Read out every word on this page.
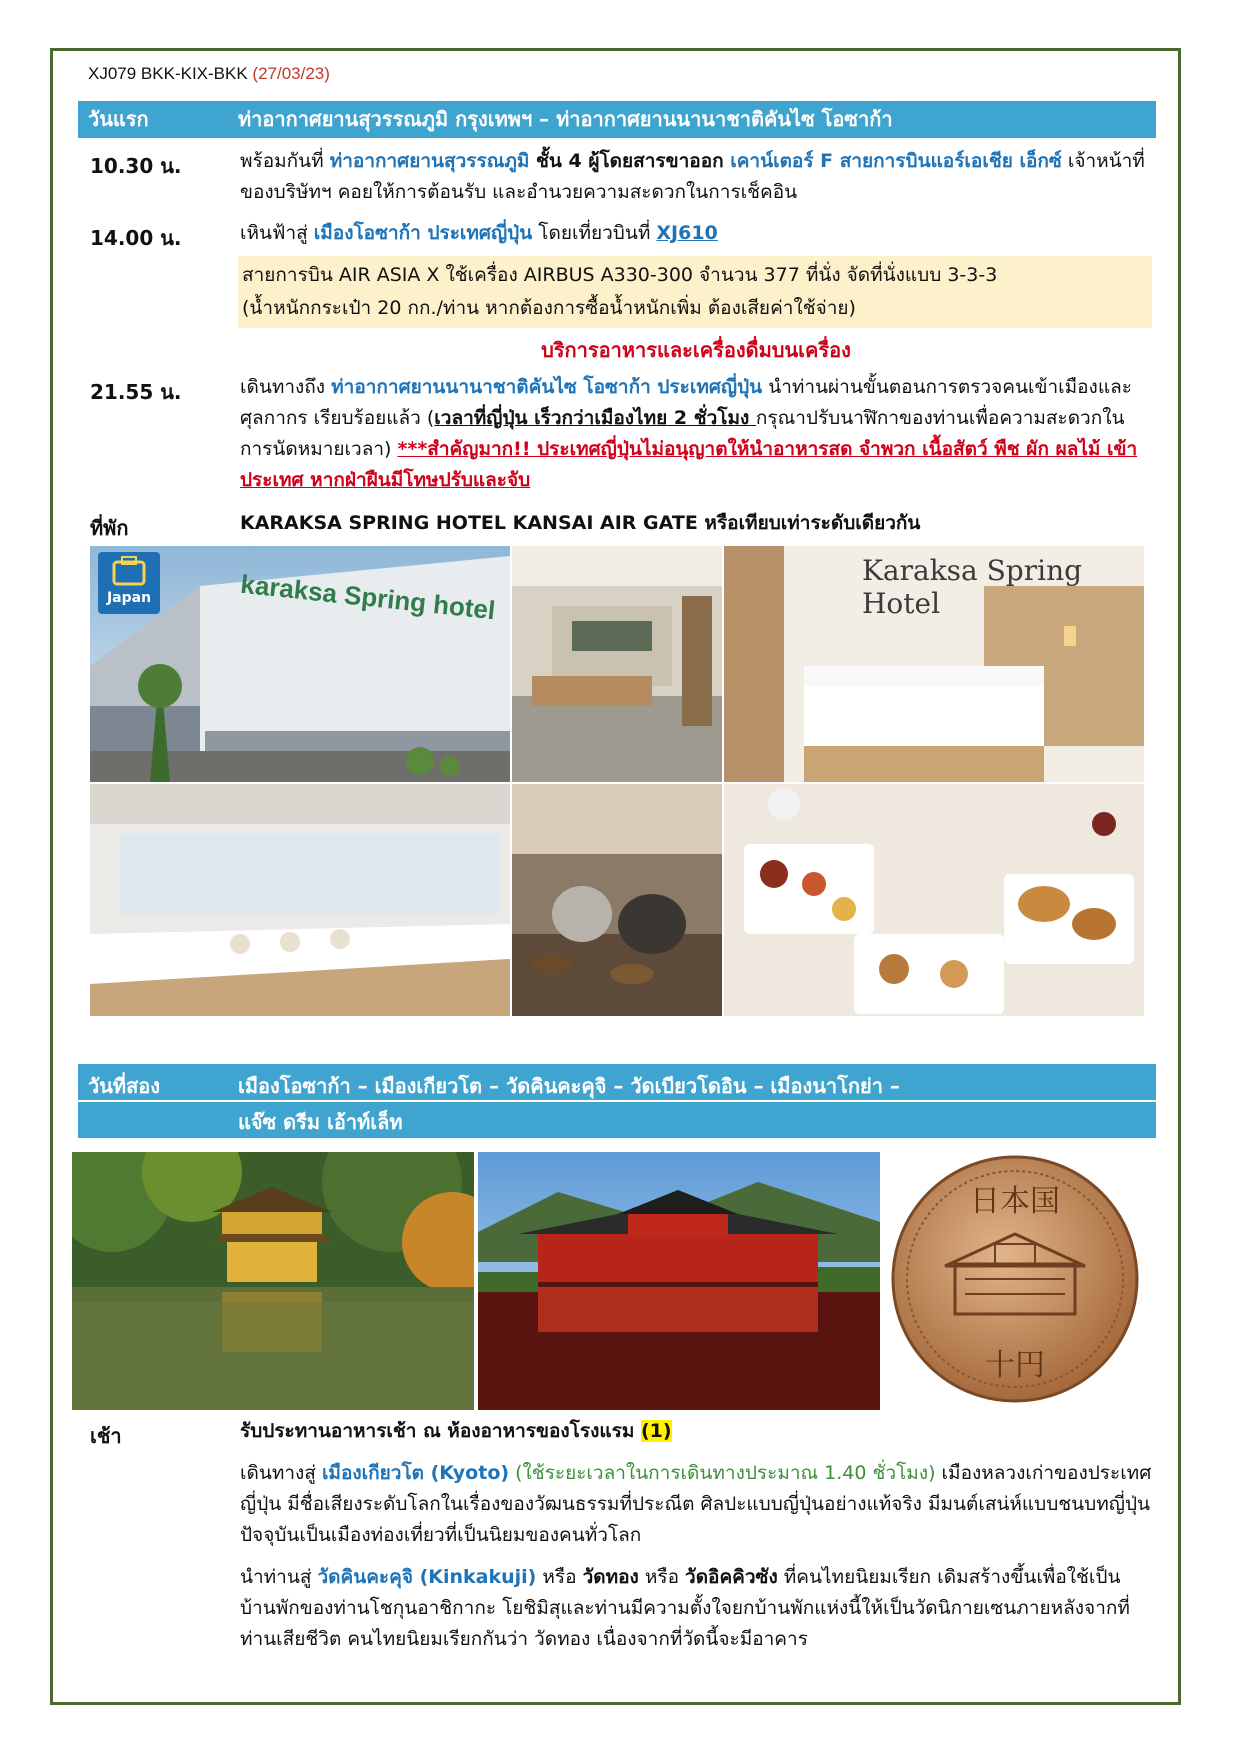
XJ079 BKK-KIX-BKK (27/03/23)
วันแรก	ท่าอากาศยานสุวรรณภูมิ กรุงเทพฯ – ท่าอากาศยานนานาชาติคันไซ โอซาก้า
10.30 น.	พร้อมกันที่ ท่าอากาศยานสุวรรณภูมิ ชั้น 4 ผู้โดยสารขาออก เคาน์เตอร์ F สายการบินแอร์เอเชีย เอ็กซ์ เจ้าหน้าที่ของบริษัทฯ คอยให้การต้อนรับ และอำนวยความสะดวกในการเช็คอิน
14.00 น.	เหินฟ้าสู่ เมืองโอซาก้า ประเทศญี่ปุ่น โดยเที่ยวบินที่ XJ610
สายการบิน AIR ASIA X ใช้เครื่อง AIRBUS A330-300 จำนวน 377 ที่นั่ง จัดที่นั่งแบบ 3-3-3
(น้ำหนักกระเป๋า 20 กก./ท่าน หากต้องการซื้อน้ำหนักเพิ่ม ต้องเสียค่าใช้จ่าย)
บริการอาหารและเครื่องดื่มบนเครื่อง
21.55 น.	เดินทางถึง ท่าอากาศยานนานาชาติคันไซ โอซาก้า ประเทศญี่ปุ่น นำท่านผ่านขั้นตอนการตรวจคนเข้าเมืองและศุลกากร เรียบร้อยแล้ว (เวลาที่ญี่ปุ่น เร็วกว่าเมืองไทย 2 ชั่วโมง กรุณาปรับนาฬิกาของท่านเพื่อความสะดวกในการนัดหมายเวลา) ***สำคัญมาก!! ประเทศญี่ปุ่นไม่อนุญาตให้นำอาหารสด จำพวก เนื้อสัตว์ พืช ผัก ผลไม้ เข้าประเทศ หากฝ่าฝืนมีโทษปรับและจับ
ที่พัก	KARAKSA SPRING HOTEL KANSAI AIR GATE หรือเทียบเท่าระดับเดียวกัน
karaksa Spring hotel
Japan
Karaksa Spring Hotel
วันที่สอง	เมืองโอซาก้า – เมืองเกียวโต – วัดคินคะคุจิ – วัดเบียวโดอิน – เมืองนาโกย่า –
แจ๊ซ ดรีม เอ้าท์เล็ท
日本国
十円
เช้า	รับประทานอาหารเช้า ณ ห้องอาหารของโรงแรม (1)
เดินทางสู่ เมืองเกียวโต (Kyoto) (ใช้ระยะเวลาในการเดินทางประมาณ 1.40 ชั่วโมง) เมืองหลวงเก่าของประเทศญี่ปุ่น มีชื่อเสียงระดับโลกในเรื่องของวัฒนธรรมที่ประณีต ศิลปะแบบญี่ปุ่นอย่างแท้จริง มีมนต์เสน่ห์แบบชนบทญี่ปุ่น ปัจจุบันเป็นเมืองท่องเที่ยวที่เป็นนิยมของคนทั่วโลก
นำท่านสู่ วัดคินคะคุจิ (Kinkakuji) หรือ วัดทอง หรือ วัดอิคคิวซัง ที่คนไทยนิยมเรียก เดิมสร้างขึ้นเพื่อใช้เป็นบ้านพักของท่านโชกุนอาชิกากะ โยชิมิสุและท่านมีความตั้งใจยกบ้านพักแห่งนี้ให้เป็นวัดนิกายเซนภายหลังจากที่ท่านเสียชีวิต คนไทยนิยมเรียกกันว่า วัดทอง เนื่องจากที่วัดนี้จะมีอาคาร
